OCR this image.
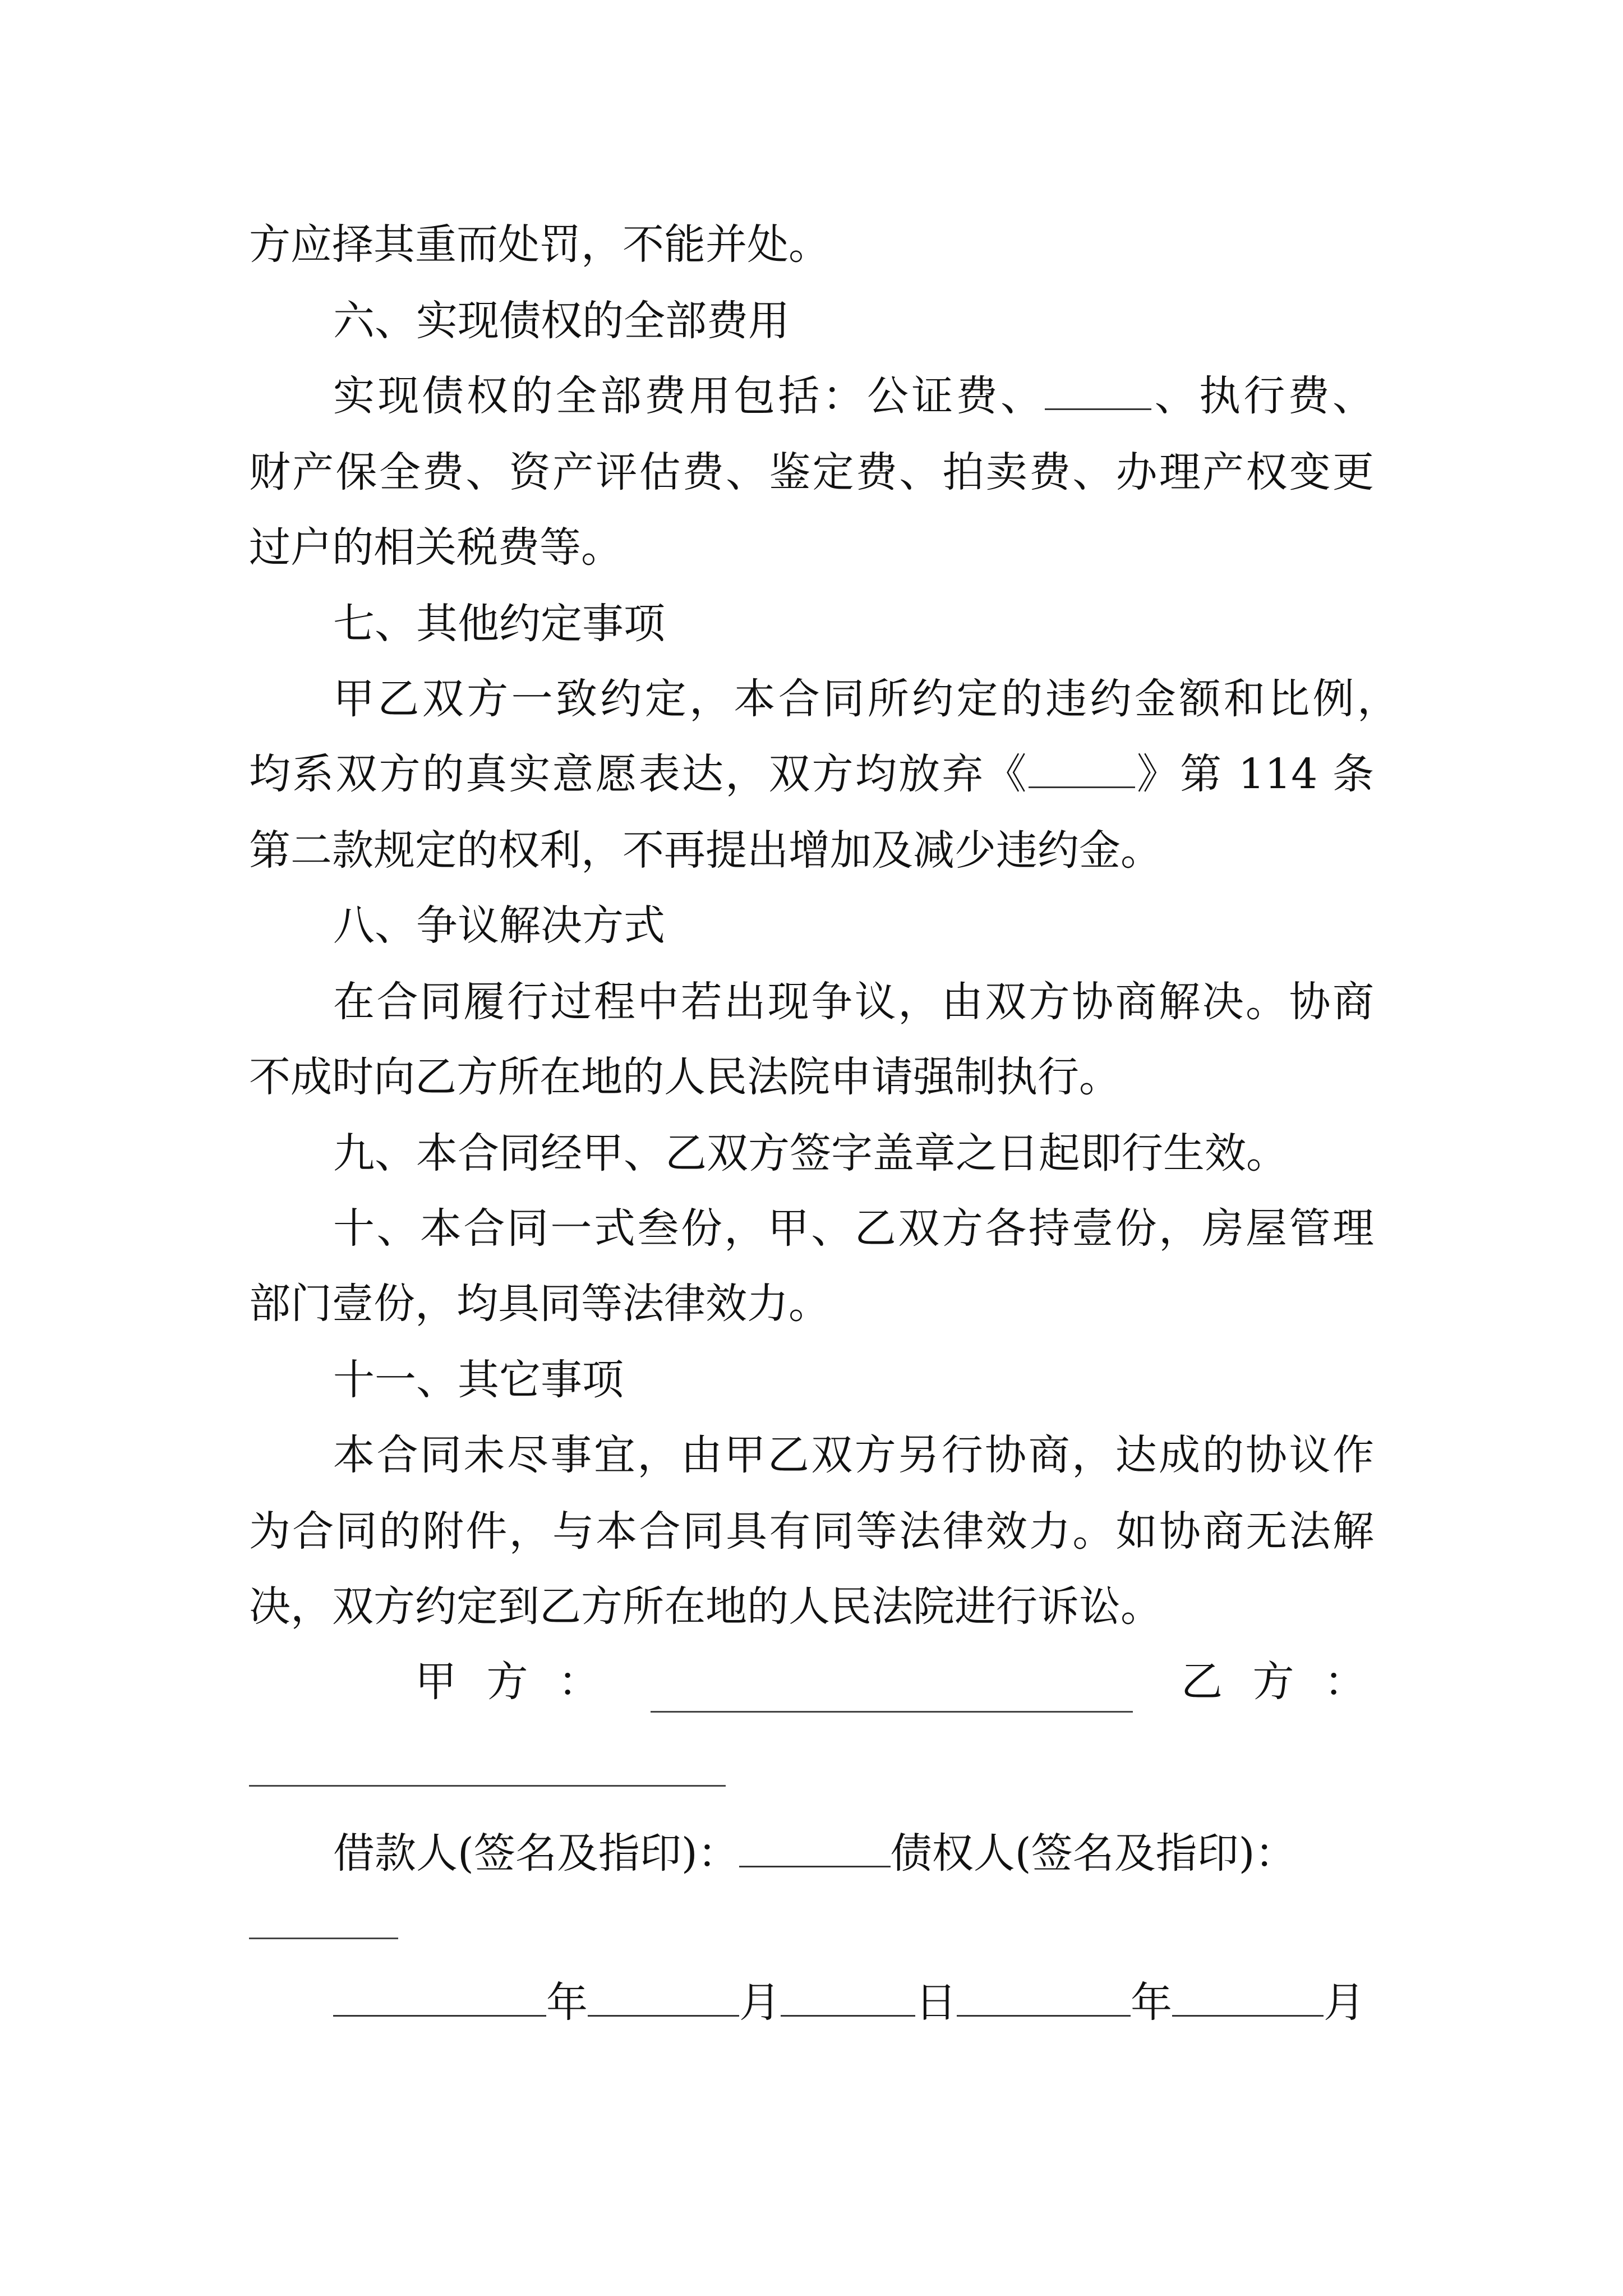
方应择其重而处罚，不能并处。

六、实现债权的全部费用

实现债权的全部费用包括：公证费、	、执行费、

财产保全费、资产评估费、鉴定费、拍卖费、办理产权变更

过户的相关税费等。

七、其他约定事项

甲乙双方一致约定，本合同所约定的违约金额和比例，

均系双方的真实意愿表达，双方均放弃《	》第 114 条

第二款规定的权利，不再提出增加及减少违约金。

八、争议解决方式

在合同履行过程中若出现争议，由双方协商解决。协商

不成时向乙方所在地的人民法院申请强制执行。

九、本合同经甲、乙双方签字盖章之日起即行生效。

十、本合同一式叁份，甲、乙双方各持壹份，房屋管理

部门壹份，均具同等法律效力。

十一、其它事项

本合同未尽事宜，由甲乙双方另行协商，达成的协议作

为合同的附件，与本合同具有同等法律效力。如协商无法解

决，双方约定到乙方所在地的人民法院进行诉讼。

甲 方 ：	乙 方 ：

借款人(签名及指印)：	债权人(签名及指印)：

年	月	日	年	月
